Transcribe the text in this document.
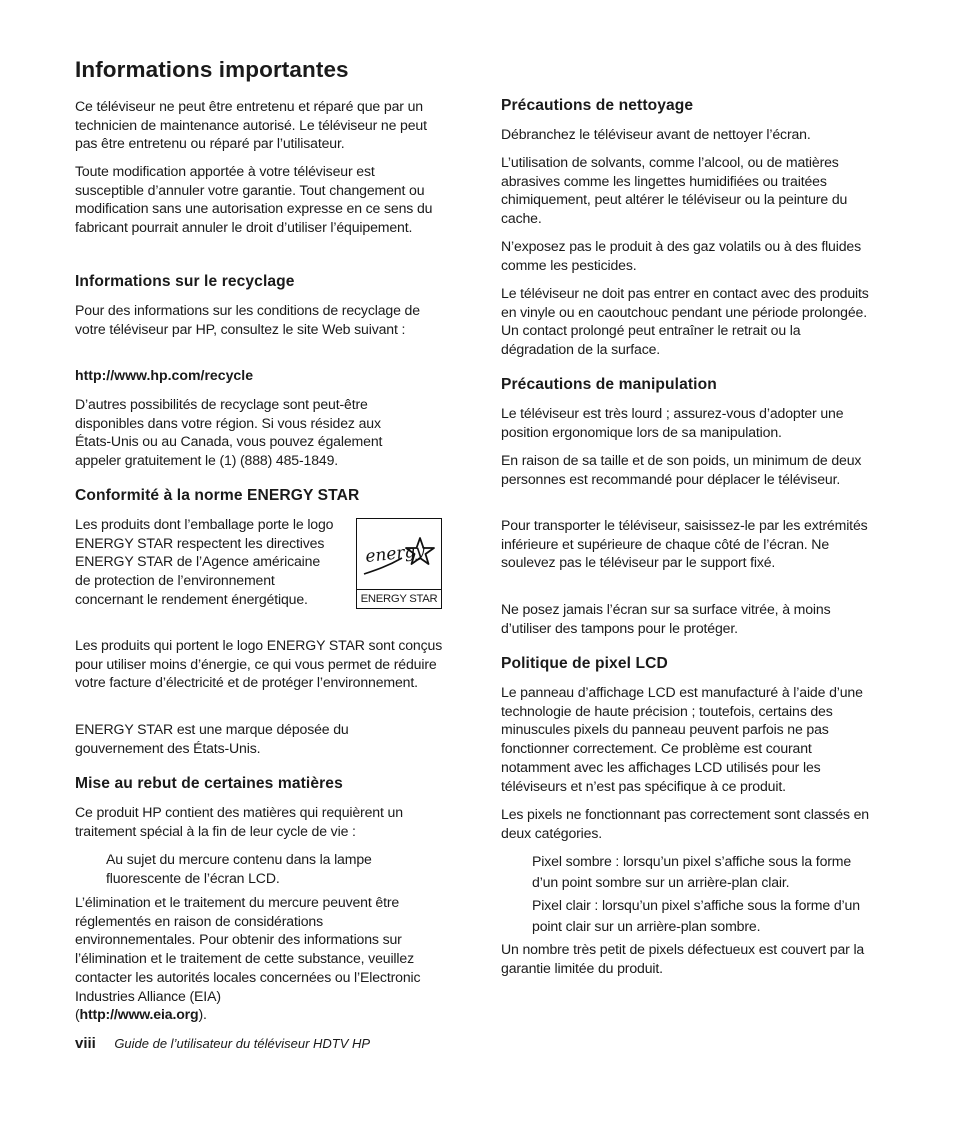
Informations importantes

Ce téléviseur ne peut être entretenu et réparé que par un technicien de maintenance autorisé. Le téléviseur ne peut pas être entretenu ou réparé par l’utilisateur.

Toute modification apportée à votre téléviseur est susceptible d’annuler votre garantie. Tout changement ou modification sans une autorisation expresse en ce sens du fabricant pourrait annuler le droit d’utiliser l’équipement.

Informations sur le recyclage

Pour des informations sur les conditions de recyclage de votre téléviseur par HP, consultez le site Web suivant :

http://www.hp.com/recycle

D’autres possibilités de recyclage sont peut-être disponibles dans votre région. Si vous résidez aux États-Unis ou au Canada, vous pouvez également appeler gratuitement le (1) (888) 485-1849.

Conformité à la norme ENERGY STAR

Les produits dont l’emballage porte le logo ENERGY STAR respectent les directives ENERGY STAR de l’Agence américaine de protection de l’environnement concernant le rendement énergétique.

energy
ENERGY STAR

Les produits qui portent le logo ENERGY STAR sont conçus pour utiliser moins d’énergie, ce qui vous permet de réduire votre facture d’électricité et de protéger l’environnement.

ENERGY STAR est une marque déposée du gouvernement des États-Unis.

Mise au rebut de certaines matières

Ce produit HP contient des matières qui requièrent un traitement spécial à la fin de leur cycle de vie :

Au sujet du mercure contenu dans la lampe fluorescente de l’écran LCD.

L’élimination et le traitement du mercure peuvent être réglementés en raison de considérations environnementales. Pour obtenir des informations sur l’élimination et le traitement de cette substance, veuillez contacter les autorités locales concernées ou l’Electronic Industries Alliance (EIA)
(http://www.eia.org).

Précautions de nettoyage

Débranchez le téléviseur avant de nettoyer l’écran.

L’utilisation de solvants, comme l’alcool, ou de matières abrasives comme les lingettes humidifiées ou traitées chimiquement, peut altérer le téléviseur ou la peinture du cache.

N’exposez pas le produit à des gaz volatils ou à des fluides comme les pesticides.

Le téléviseur ne doit pas entrer en contact avec des produits en vinyle ou en caoutchouc pendant une période prolongée. Un contact prolongé peut entraîner le retrait ou la dégradation de la surface.

Précautions de manipulation

Le téléviseur est très lourd ; assurez-vous d’adopter une position ergonomique lors de sa manipulation.

En raison de sa taille et de son poids, un minimum de deux personnes est recommandé pour déplacer le téléviseur.

Pour transporter le téléviseur, saisissez-le par les extrémités inférieure et supérieure de chaque côté de l’écran. Ne soulevez pas le téléviseur par le support fixé.

Ne posez jamais l’écran sur sa surface vitrée, à moins d’utiliser des tampons pour le protéger.

Politique de pixel LCD

Le panneau d’affichage LCD est manufacturé à l’aide d’une technologie de haute précision ; toutefois, certains des minuscules pixels du panneau peuvent parfois ne pas fonctionner correctement. Ce problème est courant notamment avec les affichages LCD utilisés pour les téléviseurs et n’est pas spécifique à ce produit.

Les pixels ne fonctionnant pas correctement sont classés en deux catégories.

Pixel sombre : lorsqu’un pixel s’affiche sous la forme d’un point sombre sur un arrière-plan clair.

Pixel clair : lorsqu’un pixel s’affiche sous la forme d’un point clair sur un arrière-plan sombre.

Un nombre très petit de pixels défectueux est couvert par la garantie limitée du produit.

viii Guide de l’utilisateur du téléviseur HDTV HP
